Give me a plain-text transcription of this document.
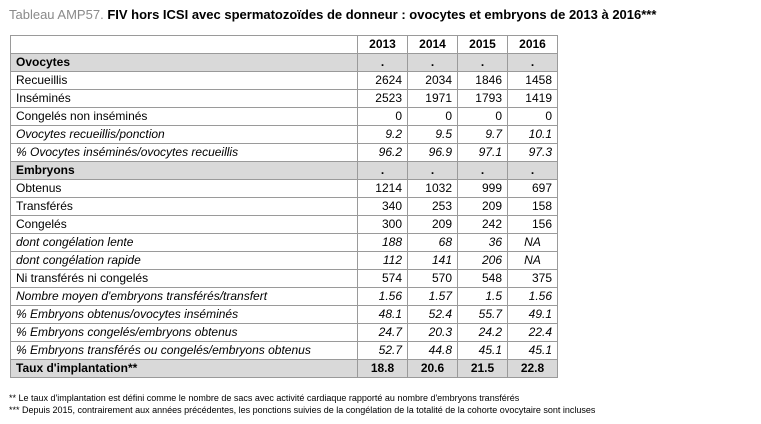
Tableau AMP57. FIV hors ICSI avec spermatozoïdes de donneur : ovocytes et embryons de 2013 à 2016***
	2013	2014	2015	2016
Ovocytes	.	.	.	.
Recueillis	2624	2034	1846	1458
Inséminés	2523	1971	1793	1419
Congelés non inséminés	0	0	0	0
Ovocytes recueillis/ponction	9.2	9.5	9.7	10.1
% Ovocytes inséminés/ovocytes recueillis	96.2	96.9	97.1	97.3
Embryons	.	.	.	.
Obtenus	1214	1032	999	697
Transférés	340	253	209	158
Congelés	300	209	242	156
dont congélation lente	188	68	36	NA
dont congélation rapide	112	141	206	NA
Ni transférés ni congelés	574	570	548	375
Nombre moyen d'embryons transférés/transfert	1.56	1.57	1.5	1.56
% Embryons obtenus/ovocytes inséminés	48.1	52.4	55.7	49.1
% Embryons congelés/embryons obtenus	24.7	20.3	24.2	22.4
% Embryons transférés ou congelés/embryons obtenus	52.7	44.8	45.1	45.1
Taux d'implantation**	18.8	20.6	21.5	22.8
** Le taux d'implantation est défini comme le nombre de sacs avec activité cardiaque rapporté au nombre d'embryons transférés
*** Depuis 2015, contrairement aux années précédentes, les ponctions suivies de la congélation de la totalité de la cohorte ovocytaire sont incluses
